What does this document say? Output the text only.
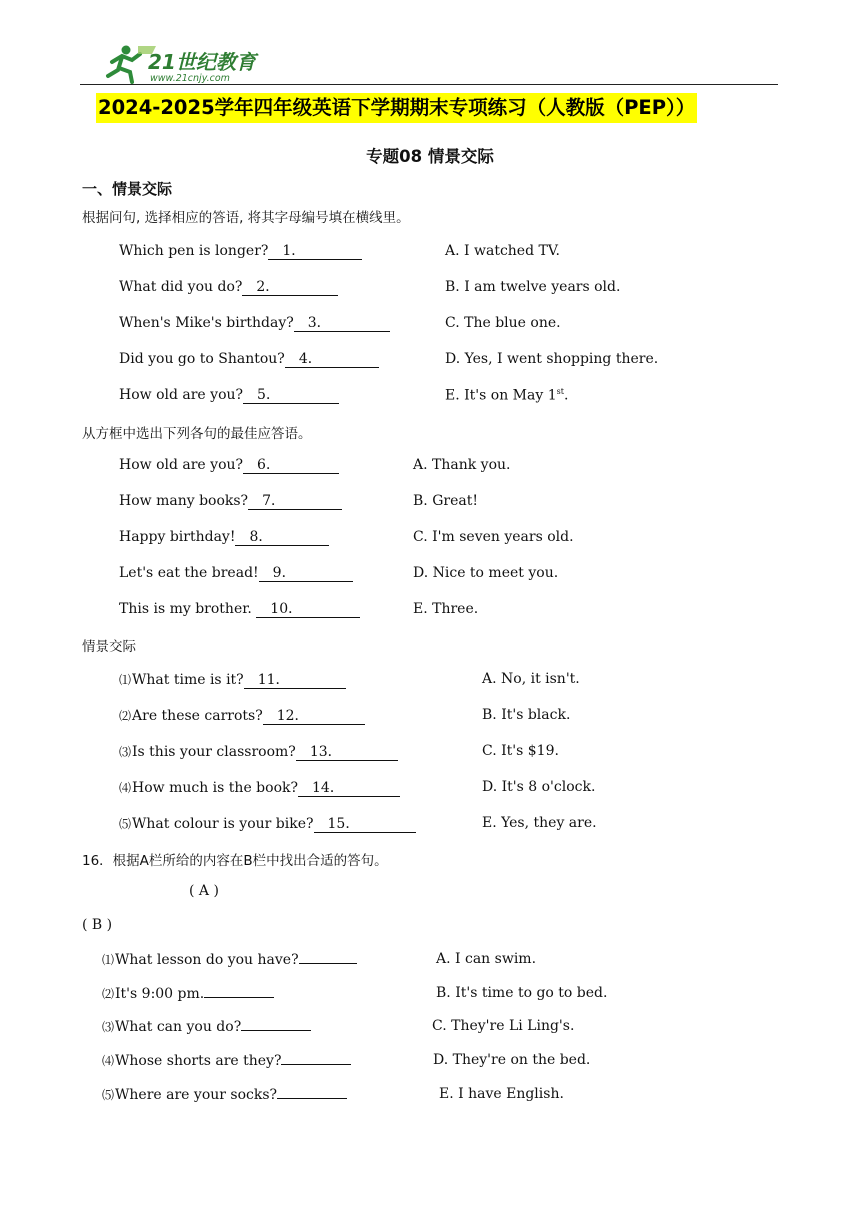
21世纪教育
www.21cnjy.com
2024-2025学年四年级英语下学期期末专项练习（人教版（PEP））
专题08 情景交际
一、情景交际
根据问句, 选择相应的答语, 将其字母编号填在横线里。
Which pen is longer? 1．
What did you do? 2．
When's Mike's birthday? 3．
Did you go to Shantou? 4．
How old are you? 5．
A. I watched TV.
B. I am twelve years old.
C. The blue one.
D. Yes, I went shopping there.
E. It's on May 1st.
从方框中选出下列各句的最佳应答语。
How old are you? 6．
How many books? 7．
Happy birthday! 8．
Let's eat the bread! 9．
This is my brother. 10．
A. Thank you.
B. Great!
C. I'm seven years old.
D. Nice to meet you.
E. Three.
情景交际
⑴What time is it? 11．
⑵Are these carrots? 12．
⑶Is this your classroom? 13．
⑷How much is the book? 14．
⑸What colour is your bike? 15．
A. No, it isn't.
B. It's black.
C. It's $19.
D. It's 8 o'clock.
E. Yes, they are.
16．根据A栏所给的内容在B栏中找出合适的答句。
( A )
( B )
⑴What lesson do you have?
⑵It's 9:00 pm.
⑶What can you do?
⑷Whose shorts are they?
⑸Where are your socks?
A. I can swim.
B. It's time to go to bed.
C. They're Li Ling's.
D. They're on the bed.
E. I have English.
